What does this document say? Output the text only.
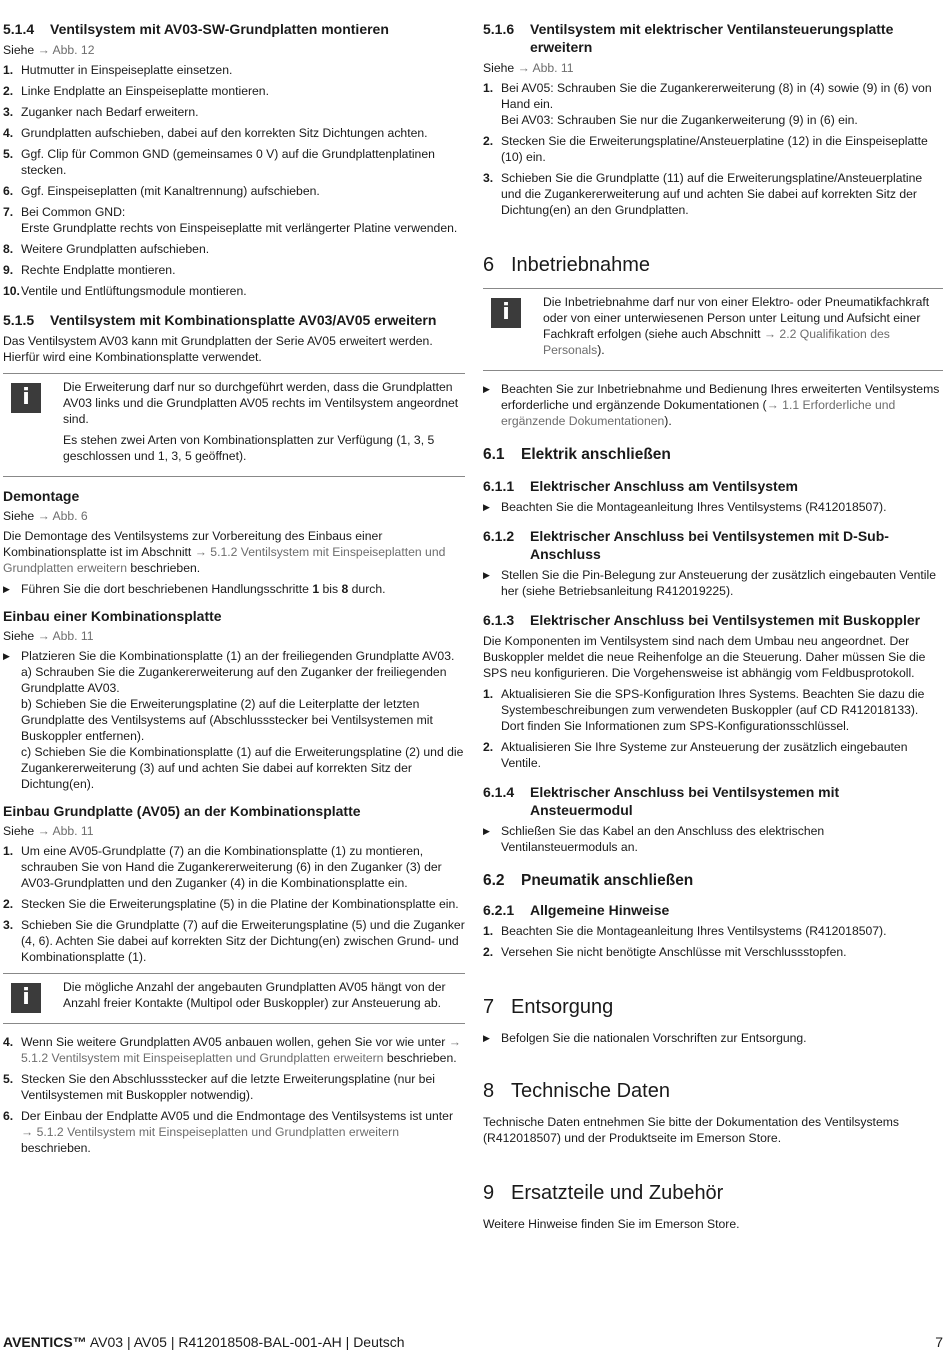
5.1.4	Ventilsystem mit AV03-SW-Grundplatten montieren
Siehe → Abb. 12
1. Hutmutter in Einspeiseplatte einsetzen.
2. Linke Endplatte an Einspeiseplatte montieren.
3. Zuganker nach Bedarf erweitern.
4. Grundplatten aufschieben, dabei auf den korrekten Sitz Dichtungen achten.
5. Ggf. Clip für Common GND (gemeinsames 0 V) auf die Grundplattenplatinen stecken.
6. Ggf. Einspeiseplatten (mit Kanaltrennung) aufschieben.
7. Bei Common GND:
Erste Grundplatte rechts von Einspeiseplatte mit verlängerter Platine verwenden.
8. Weitere Grundplatten aufschieben.
9. Rechte Endplatte montieren.
10. Ventile und Entlüftungsmodule montieren.
5.1.5	Ventilsystem mit Kombinationsplatte AV03/AV05 erweitern
Das Ventilsystem AV03 kann mit Grundplatten der Serie AV05 erweitert werden. Hierfür wird eine Kombinationsplatte verwendet.
i	Die Erweiterung darf nur so durchgeführt werden, dass die Grundplatten AV03 links und die Grundplatten AV05 rechts im Ventilsystem angeordnet sind.

Es stehen zwei Arten von Kombinationsplatten zur Verfügung (1, 3, 5 geschlossen und 1, 3, 5 geöffnet).

Demontage
Siehe → Abb. 6
Die Demontage des Ventilsystems zur Vorbereitung des Einbaus einer Kombinationsplatte ist im Abschnitt → 5.1.2 Ventilsystem mit Einspeiseplatten und Grundplatten erweitern beschrieben.
▶ Führen Sie die dort beschriebenen Handlungsschritte 1 bis 8 durch.
Einbau einer Kombinationsplatte
Siehe → Abb. 11
▶ Platzieren Sie die Kombinationsplatte (1) an der freiliegenden Grundplatte AV03.
a) Schrauben Sie die Zugankererweiterung auf den Zuganker der freiliegenden Grundplatte AV03.
b) Schieben Sie die Erweiterungsplatine (2) auf die Leiterplatte der letzten Grundplatte des Ventilsystems auf (Abschlussstecker bei Ventilsystemen mit Buskoppler entfernen).
c) Schieben Sie die Kombinationsplatte (1) auf die Erweiterungsplatine (2) und die Zugankererweiterung (3) auf und achten Sie dabei auf korrekten Sitz der Dichtung(en).
Einbau Grundplatte (AV05) an der Kombinationsplatte
Siehe → Abb. 11
1. Um eine AV05-Grundplatte (7) an die Kombinationsplatte (1) zu montieren, schrauben Sie von Hand die Zugankererweiterung (6) in den Zuganker (3) der AV03-Grundplatten und den Zuganker (4) in die Kombinationsplatte ein.
2. Stecken Sie die Erweiterungsplatine (5) in die Platine der Kombinationsplatte ein.
3. Schieben Sie die Grundplatte (7) auf die Erweiterungsplatine (5) und die Zuganker (4, 6). Achten Sie dabei auf korrekten Sitz der Dichtung(en) zwischen Grund- und Kombinationsplatte (1).
i	Die mögliche Anzahl der angebauten Grundplatten AV05 hängt von der Anzahl freier Kontakte (Multipol oder Buskoppler) zur Ansteuerung ab.

4. Wenn Sie weitere Grundplatten AV05 anbauen wollen, gehen Sie vor wie unter → 5.1.2 Ventilsystem mit Einspeiseplatten und Grundplatten erweitern beschrieben.
5. Stecken Sie den Abschlussstecker auf die letzte Erweiterungsplatine (nur bei Ventilsystemen mit Buskoppler notwendig).
6. Der Einbau der Endplatte AV05 und die Endmontage des Ventilsystems ist unter → 5.1.2 Ventilsystem mit Einspeiseplatten und Grundplatten erweitern beschrieben.
5.1.6	Ventilsystem mit elektrischer Ventilansteuerungsplatte erweitern
Siehe → Abb. 11
1. Bei AV05: Schrauben Sie die Zugankererweiterung (8) in (4) sowie (9) in (6) von Hand ein.
Bei AV03: Schrauben Sie nur die Zugankerweiterung (9) in (6) ein.
2. Stecken Sie die Erweiterungsplatine/Ansteuerplatine (12) in die Einspeiseplatte (10) ein.
3. Schieben Sie die Grundplatte (11) auf die Erweiterungsplatine/Ansteuerplatine und die Zugankererweiterung auf und achten Sie dabei auf korrekten Sitz der Dichtung(en) an den Grundplatten.
6 Inbetriebnahme
i	Die Inbetriebnahme darf nur von einer Elektro- oder Pneumatikfachkraft oder von einer unterwiesenen Person unter Leitung und Aufsicht einer Fachkraft erfolgen (siehe auch Abschnitt → 2.2 Qualifikation des Personals).

▶ Beachten Sie zur Inbetriebnahme und Bedienung Ihres erweiterten Ventilsystems erforderliche und ergänzende Dokumentationen (→ 1.1 Erforderliche und ergänzende Dokumentationen).
6.1	Elektrik anschließen
6.1.1	Elektrischer Anschluss am Ventilsystem
▶ Beachten Sie die Montageanleitung Ihres Ventilsystems (R412018507).
6.1.2	Elektrischer Anschluss bei Ventilsystemen mit D-Sub-Anschluss
▶ Stellen Sie die Pin-Belegung zur Ansteuerung der zusätzlich eingebauten Ventile her (siehe Betriebsanleitung R412019225).
6.1.3	Elektrischer Anschluss bei Ventilsystemen mit Buskoppler
Die Komponenten im Ventilsystem sind nach dem Umbau neu angeordnet. Der Buskoppler meldet die neue Reihenfolge an die Steuerung. Daher müssen Sie die SPS neu konfigurieren. Die Vorgehensweise ist abhängig vom Feldbusprotokoll.
1. Aktualisieren Sie die SPS-Konfiguration Ihres Systems. Beachten Sie dazu die Systembeschreibungen zum verwendeten Buskoppler (auf CD R412018133). Dort finden Sie Informationen zum SPS-Konfigurationsschlüssel.
2. Aktualisieren Sie Ihre Systeme zur Ansteuerung der zusätzlich eingebauten Ventile.
6.1.4	Elektrischer Anschluss bei Ventilsystemen mit Ansteuermodul
▶ Schließen Sie das Kabel an den Anschluss des elektrischen Ventilansteuermoduls an.
6.2	Pneumatik anschließen
6.2.1	Allgemeine Hinweise
1. Beachten Sie die Montageanleitung Ihres Ventilsystems (R412018507).
2. Versehen Sie nicht benötigte Anschlüsse mit Verschlussstopfen.
7 Entsorgung
▶ Befolgen Sie die nationalen Vorschriften zur Entsorgung.
8 Technische Daten
Technische Daten entnehmen Sie bitte der Dokumentation des Ventilsystems (R412018507) und der Produktseite im Emerson Store.
9 Ersatzteile und Zubehör
Weitere Hinweise finden Sie im Emerson Store.
AVENTICS™ AV03 | AV05 | R412018508-BAL-001-AH | Deutsch	7
